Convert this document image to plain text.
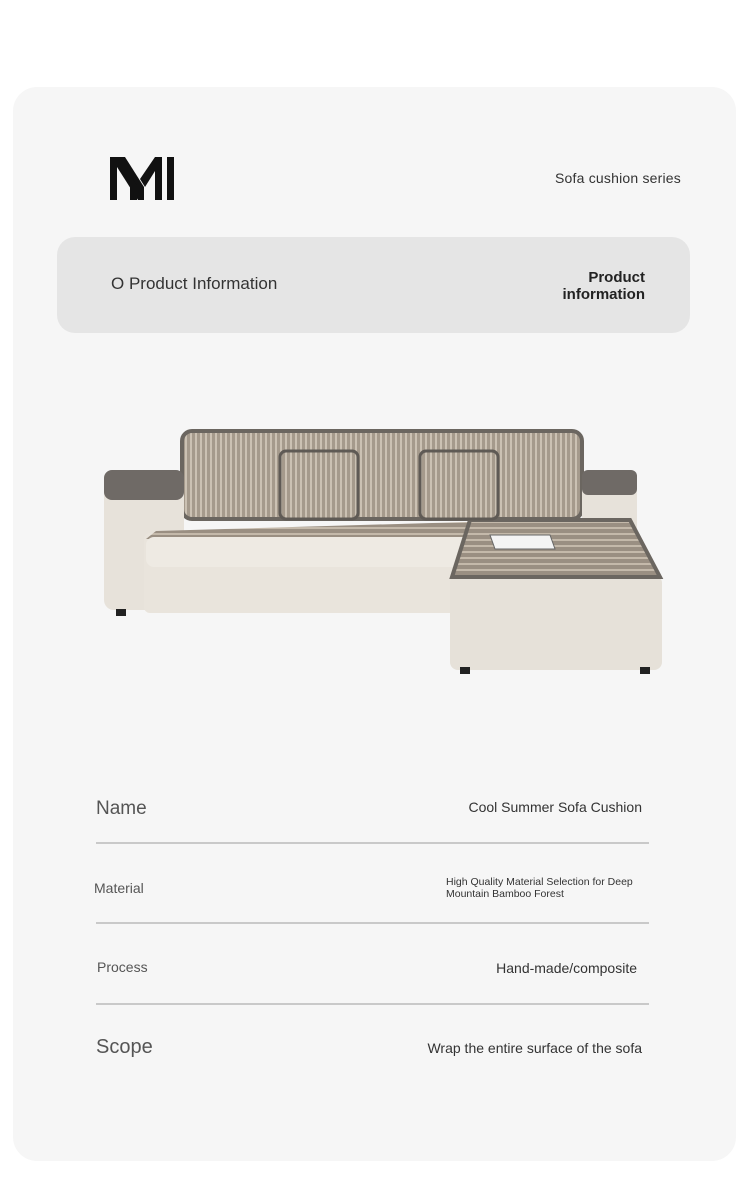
Sofa cushion series
O Product Information	Product information
Name	Cool Summer Sofa Cushion
Material	High Quality Material Selection for Deep Mountain Bamboo Forest
Process	Hand-made/composite
Scope	Wrap the entire surface of the sofa
